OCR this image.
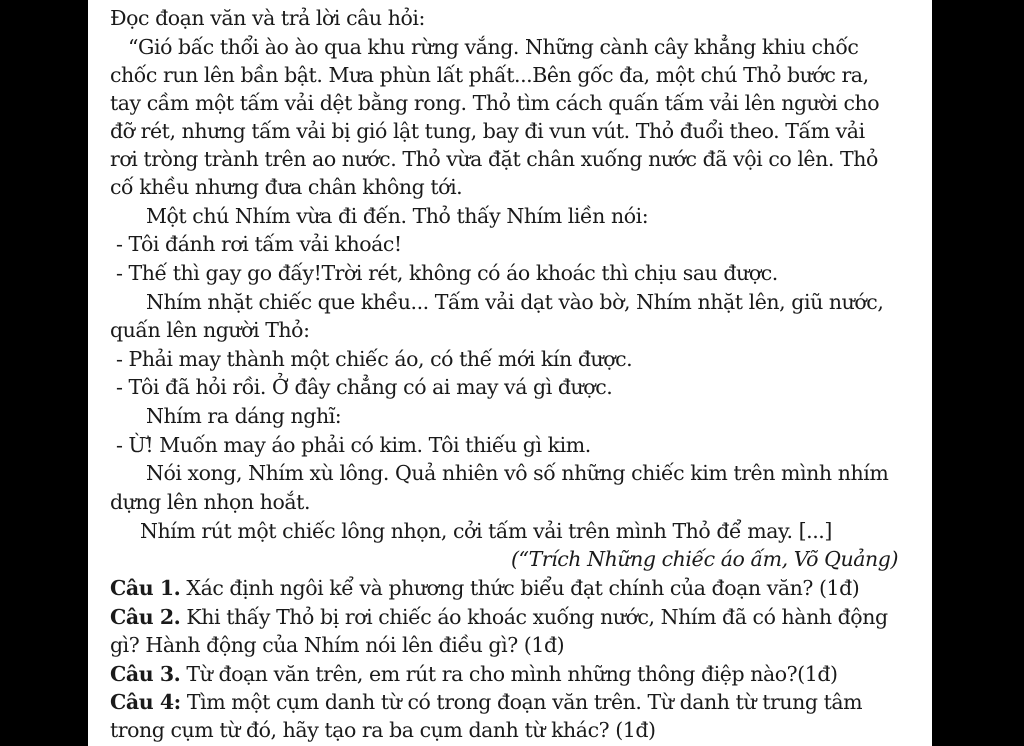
Đọc đoạn văn và trả lời câu hỏi:
“Gió bấc thổi ào ào qua khu rừng vắng. Những cành cây khẳng khiu chốc
chốc run lên bần bật. Mưa phùn lất phất...Bên gốc đa, một chú Thỏ bước ra,
tay cầm một tấm vải dệt bằng rong. Thỏ tìm cách quấn tấm vải lên người cho
đỡ rét, nhưng tấm vải bị gió lật tung, bay đi vun vút. Thỏ đuổi theo. Tấm vải
rơi tròng trành trên ao nước. Thỏ vừa đặt chân xuống nước đã vội co lên. Thỏ
cố khều nhưng đưa chân không tới.
Một chú Nhím vừa đi đến. Thỏ thấy Nhím liền nói:
- Tôi đánh rơi tấm vải khoác!
- Thế thì gay go đấy!Trời rét, không có áo khoác thì chịu sau được.
Nhím nhặt chiếc que khều... Tấm vải dạt vào bờ, Nhím nhặt lên, giũ nước,
quấn lên người Thỏ:
- Phải may thành một chiếc áo, có thế mới kín được.
- Tôi đã hỏi rồi. Ở đây chẳng có ai may vá gì được.
Nhím ra dáng nghĩ:
- Ừ! Muốn may áo phải có kim. Tôi thiếu gì kim.
Nói xong, Nhím xù lông. Quả nhiên vô số những chiếc kim trên mình nhím
dựng lên nhọn hoắt.
Nhím rút một chiếc lông nhọn, cởi tấm vải trên mình Thỏ để may. [...]
(“Trích Những chiếc áo ấm, Võ Quảng)
Câu 1. Xác định ngôi kể và phương thức biểu đạt chính của đoạn văn? (1đ)
Câu 2. Khi thấy Thỏ bị rơi chiếc áo khoác xuống nước, Nhím đã có hành động
gì? Hành động của Nhím nói lên điều gì? (1đ)
Câu 3. Từ đoạn văn trên, em rút ra cho mình những thông điệp nào?(1đ)
Câu 4: Tìm một cụm danh từ có trong đoạn văn trên. Từ danh từ trung tâm
trong cụm từ đó, hãy tạo ra ba cụm danh từ khác? (1đ)
